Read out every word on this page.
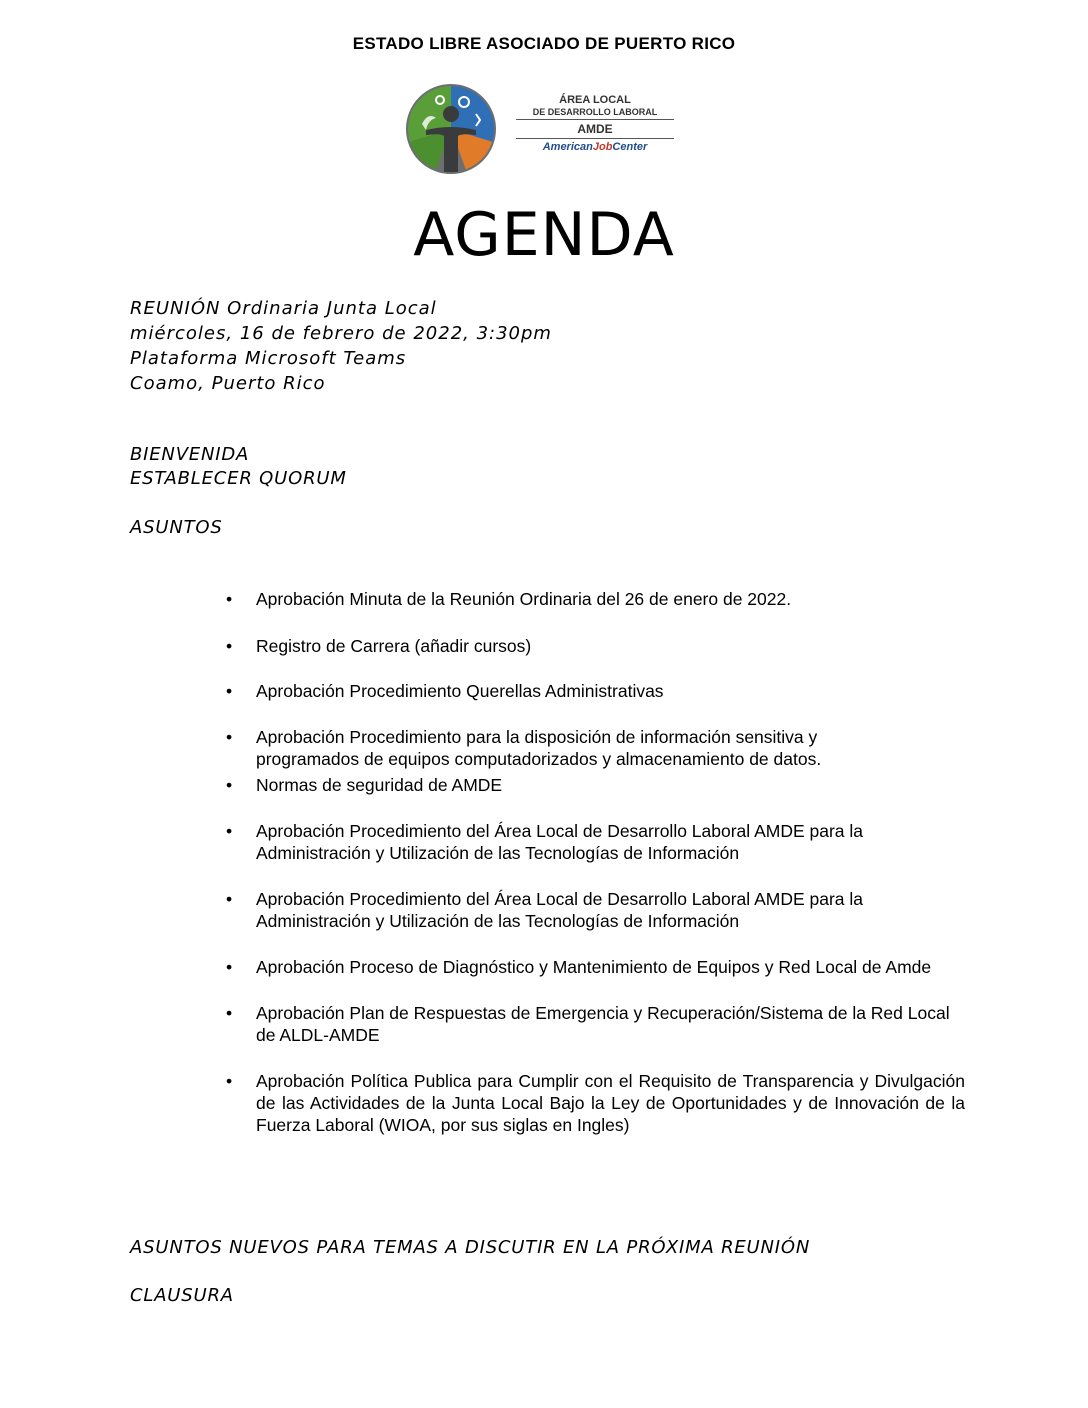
ESTADO LIBRE ASOCIADO DE PUERTO RICO
ÁREA LOCAL
DE DESARROLLO LABORAL
AMDE
AmericanJobCenter
AGENDA
REUNIÓN Ordinaria Junta Local
miércoles, 16 de febrero de 2022, 3:30pm
Plataforma Microsoft Teams
Coamo, Puerto Rico
BIENVENIDA
ESTABLECER QUORUM
ASUNTOS
• Aprobación Minuta de la Reunión Ordinaria del 26 de enero de 2022.
• Registro de Carrera (añadir cursos)
• Aprobación Procedimiento Querellas Administrativas
• Aprobación Procedimiento para la disposición de información sensitiva y programados de equipos computadorizados y almacenamiento de datos.
• Normas de seguridad de AMDE
• Aprobación Procedimiento del Área Local de Desarrollo Laboral AMDE para la Administración y Utilización de las Tecnologías de Información
• Aprobación Procedimiento del Área Local de Desarrollo Laboral AMDE para la Administración y Utilización de las Tecnologías de Información
• Aprobación Proceso de Diagnóstico y Mantenimiento de Equipos y Red Local de Amde
• Aprobación Plan de Respuestas de Emergencia y Recuperación/Sistema de la Red Local de ALDL-AMDE
• Aprobación Política Publica para Cumplir con el Requisito de Transparencia y Divulgación de las Actividades de la Junta Local Bajo la Ley de Oportunidades y de Innovación de la Fuerza Laboral (WIOA, por sus siglas en Ingles)
ASUNTOS NUEVOS PARA TEMAS A DISCUTIR EN LA PRÓXIMA REUNIÓN
CLAUSURA
